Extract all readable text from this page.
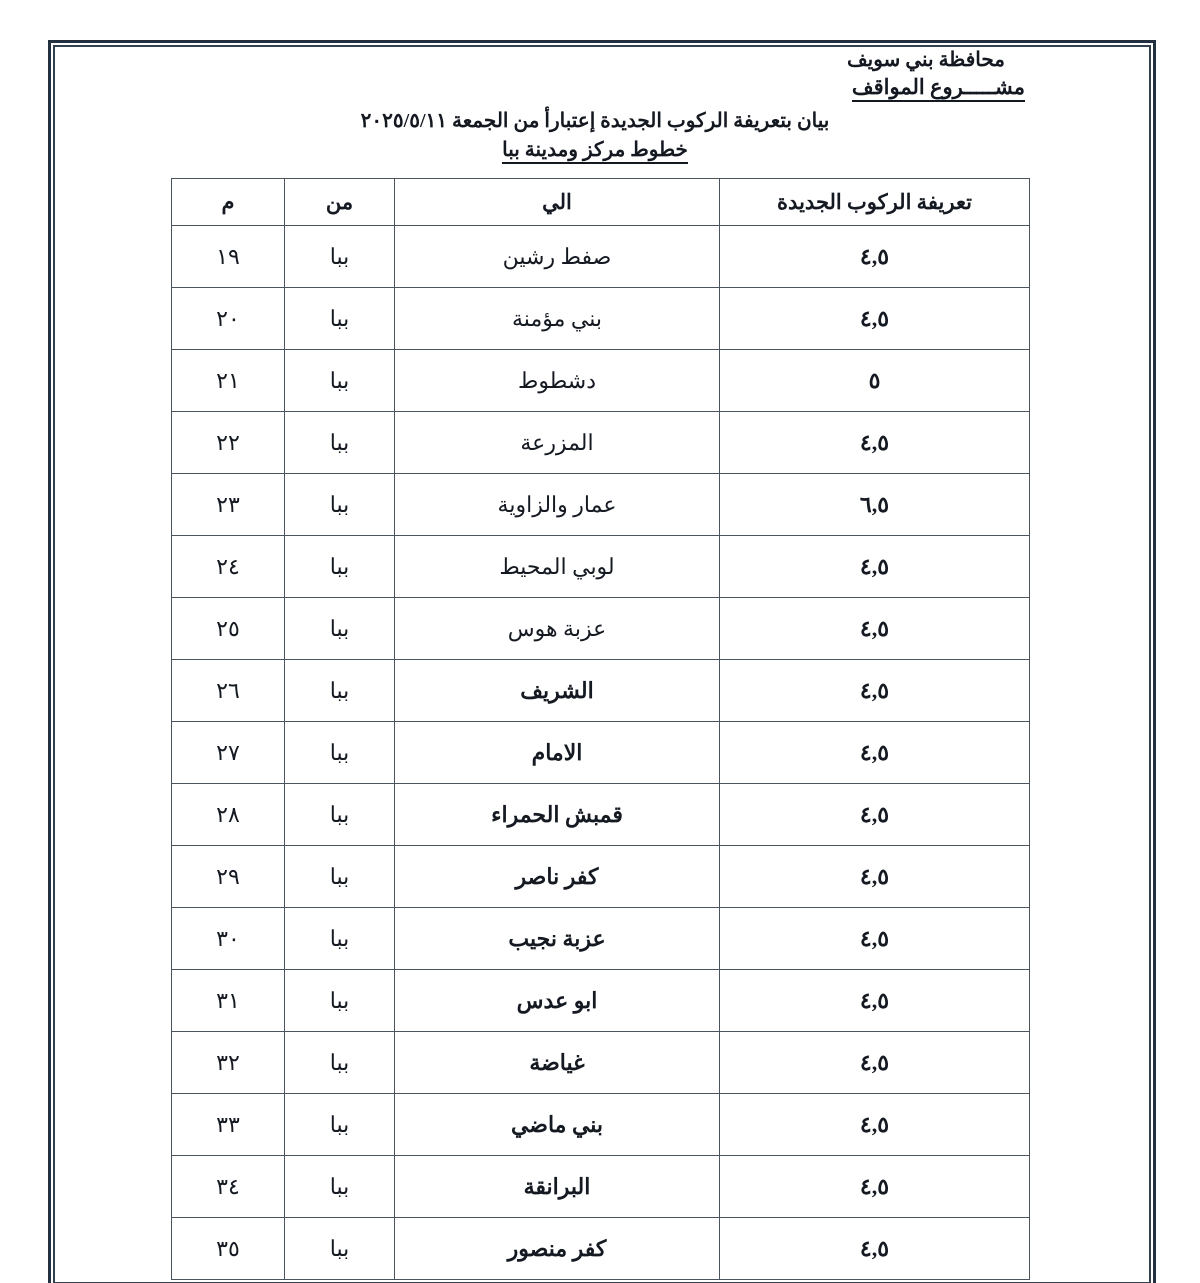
محافظة بني سويف
مشـــــروع المواقف
بيان بتعريفة الركوب الجديدة إعتبارأ من الجمعة ٢٠٢٥/٥/١١
خطوط مركز ومدينة ببا
تعريفة الركوب الجديدة	الي	من	م
٤,٥	صفط رشين	ببا	١٩
٤,٥	بني مؤمنة	ببا	٢٠
٥	دشطوط	ببا	٢١
٤,٥	المزرعة	ببا	٢٢
٦,٥	عمار والزاوية	ببا	٢٣
٤,٥	لوبي المحيط	ببا	٢٤
٤,٥	عزبة هوس	ببا	٢٥
٤,٥	الشريف	ببا	٢٦
٤,٥	الامام	ببا	٢٧
٤,٥	قمبش الحمراء	ببا	٢٨
٤,٥	كفر ناصر	ببا	٢٩
٤,٥	عزبة نجيب	ببا	٣٠
٤,٥	ابو عدس	ببا	٣١
٤,٥	غياضة	ببا	٣٢
٤,٥	بني ماضي	ببا	٣٣
٤,٥	البرانقة	ببا	٣٤
٤,٥	كفر منصور	ببا	٣٥
